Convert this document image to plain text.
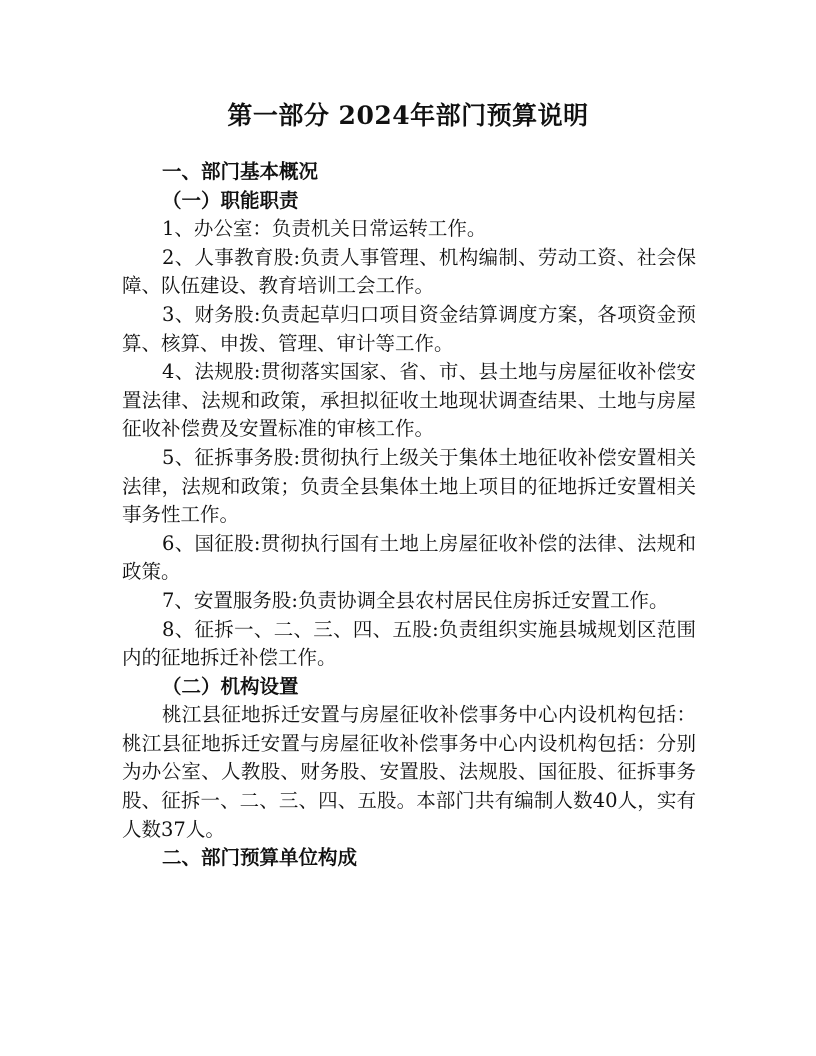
第一部分 2024年部门预算说明
一、部门基本概况
（一）职能职责

1、办公室：负责机关日常运转工作。

2、人事教育股:负责人事管理、机构编制、劳动工资、社会保障、队伍建设、教育培训工会工作。

3、财务股:负责起草归口项目资金结算调度方案，各项资金预算、核算、申拨、管理、审计等工作。

4、法规股:贯彻落实国家、省、市、县土地与房屋征收补偿安置法律、法规和政策，承担拟征收土地现状调查结果、土地与房屋征收补偿费及安置标准的审核工作。

5、征拆事务股:贯彻执行上级关于集体土地征收补偿安置相关法律，法规和政策；负责全县集体土地上项目的征地拆迁安置相关事务性工作。

6、国征股:贯彻执行国有土地上房屋征收补偿的法律、法规和政策。

7、安置服务股:负责协调全县农村居民住房拆迁安置工作。

8、征拆一、二、三、四、五股:负责组织实施县城规划区范围内的征地拆迁补偿工作。

（二）机构设置

桃江县征地拆迁安置与房屋征收补偿事务中心内设机构包括：桃江县征地拆迁安置与房屋征收补偿事务中心内设机构包括：分别为办公室、人教股、财务股、安置股、法规股、国征股、征拆事务股、征拆一、二、三、四、五股。本部门共有编制人数40人，实有人数37人。

二、部门预算单位构成
